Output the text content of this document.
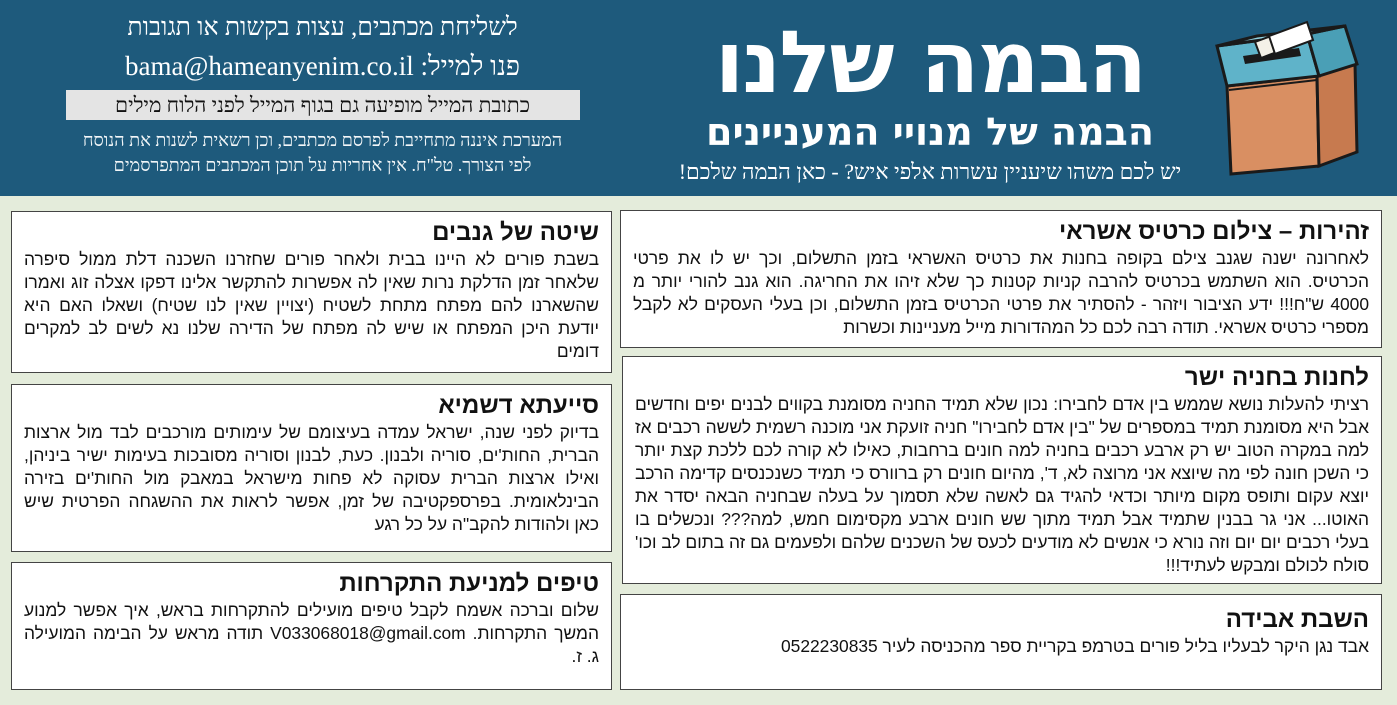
לשליחת מכתבים, עצות בקשות או תגובות
פנו למייל: bama@hameanyenim.co.il
כתובת המייל מופיעה גם בגוף המייל לפני הלוח מילים
המערכת איננה מתחייבת לפרסם מכתבים, וכן רשאית לשנות את הנוסח
לפי הצורך. טל"ח. אין אחריות על תוכן המכתבים המתפרסמים
הבמה שלנו
הבמה של מנויי המעניינים
יש לכם משהו שיעניין עשרות אלפי איש? - כאן הבמה שלכם!
זהירות – צילום כרטיס אשראי

לאחרונה ישנה שגנב צילם בקופה בחנות את כרטיס האשראי בזמן התשלום, וכך יש לו את פרטי הכרטיס. הוא השתמש בכרטיס להרבה קניות קטנות כך שלא זיהו את החריגה. הוא גנב להורי יותר מ 4000 ש"ח!!! ידע הציבור ויזהר - להסתיר את פרטי הכרטיס בזמן התשלום, וכן בעלי העסקים לא לקבל מספרי כרטיס אשראי. תודה רבה לכם כל המהדורות מייל מעניינות וכשרות

לחנות בחניה ישר

רציתי להעלות נושא שממש בין אדם לחבירו: נכון שלא תמיד החניה מסומנת בקווים לבנים יפים וחדשים אבל היא מסומנת תמיד במספרים של "בין אדם לחבירו" חניה זועקת אני מוכנה רשמית לששה רכבים אז למה במקרה הטוב יש רק ארבע רכבים בחניה למה חונים ברחבות, כאילו לא קורה לכם ללכת קצת יותר כי השכן חונה לפי מה שיוצא אני מרוצה לא, ד', מהיום חונים רק ברוורס כי תמיד כשנכנסים קדימה הרכב יוצא עקום ותופס מקום מיותר וכדאי להגיד גם לאשה שלא תסמוך על בעלה שבחניה הבאה יסדר את האוטו... אני גר בבנין שתמיד אבל תמיד מתוך שש חונים ארבע מקסימום חמש, למה??? ונכשלים בו בעלי רכבים יום יום וזה נורא כי אנשים לא מודעים לכעס של השכנים שלהם ולפעמים גם זה בתום לב וכו' סולח לכולם ומבקש לעתיד!!!

השבת אבידה

אבד נגן היקר לבעליו בליל פורים בטרמפ בקריית ספר מהכניסה לעיר 0522230835

שיטה של גנבים

בשבת פורים לא היינו בבית ולאחר פורים שחזרנו השכנה דלת ממול סיפרה שלאחר זמן הדלקת נרות שאין לה אפשרות להתקשר אלינו דפקו אצלה זוג ואמרו שהשארנו להם מפתח מתחת לשטיח (יצויין שאין לנו שטיח) ושאלו האם היא יודעת היכן המפתח או שיש לה מפתח של הדירה שלנו נא לשים לב למקרים דומים

סייעתא דשמיא

בדיוק לפני שנה, ישראל עמדה בעיצומם של עימותים מורכבים לבד מול ארצות הברית, החות'ים, סוריה ולבנון. כעת, לבנון וסוריה מסובכות בעימות ישיר ביניהן, ואילו ארצות הברית עסוקה לא פחות מישראל במאבק מול החות'ים בזירה הבינלאומית. בפרספקטיבה של זמן, אפשר לראות את ההשגחה הפרטית שיש כאן ולהודות להקב"ה על כל רגע

טיפים למניעת התקרחות

שלום וברכה אשמח לקבל טיפים מועילים להתקרחות בראש, איך אפשר למנוע המשך התקרחות. V033068018@gmail.com תודה מראש על הבימה המועילה ג. ז.
